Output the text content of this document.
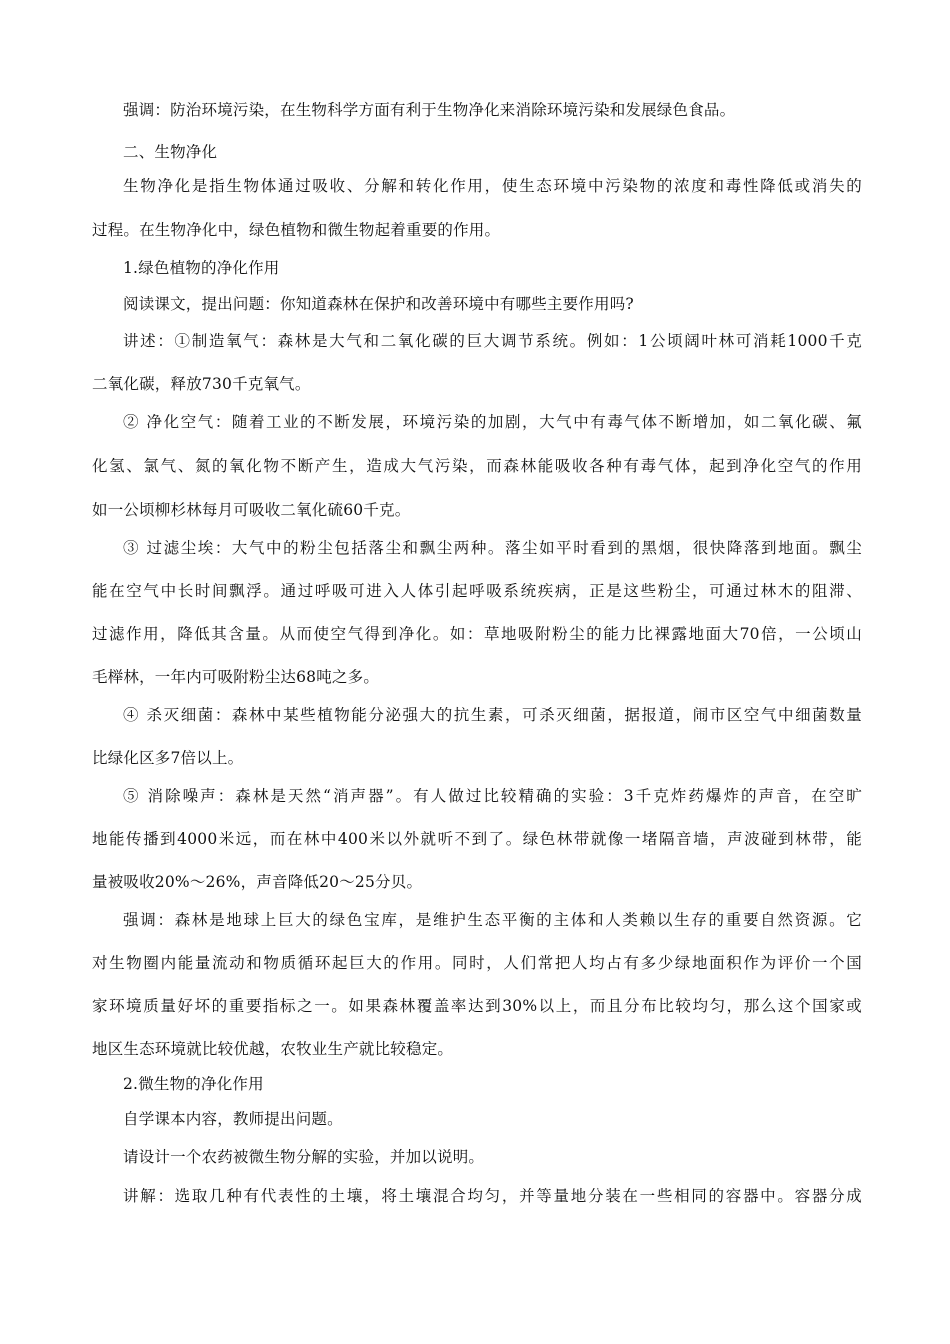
强调：防治环境污染，在生物科学方面有利于生物净化来消除环境污染和发展绿色食品。
二、生物净化
生物净化是指生物体通过吸收、分解和转化作用，使生态环境中污染物的浓度和毒性降低或消失的
过程。在生物净化中，绿色植物和微生物起着重要的作用。
1.绿色植物的净化作用
阅读课文，提出问题：你知道森林在保护和改善环境中有哪些主要作用吗?
讲述：①制造氧气：森林是大气和二氧化碳的巨大调节系统。例如：1公顷阔叶林可消耗1000千克
二氧化碳，释放730千克氧气。
② 净化空气：随着工业的不断发展，环境污染的加剧，大气中有毒气体不断增加，如二氧化碳、氟
化氢、氯气、氮的氧化物不断产生，造成大气污染，而森林能吸收各种有毒气体，起到净化空气的作用
如一公顷柳杉林每月可吸收二氧化硫60千克。
③ 过滤尘埃：大气中的粉尘包括落尘和飘尘两种。落尘如平时看到的黑烟，很快降落到地面。飘尘
能在空气中长时间飘浮。通过呼吸可进入人体引起呼吸系统疾病，正是这些粉尘，可通过林木的阻滞、
过滤作用，降低其含量。从而使空气得到净化。如：草地吸附粉尘的能力比裸露地面大70倍，一公顷山
毛榉林，一年内可吸附粉尘达68吨之多。
④ 杀灭细菌：森林中某些植物能分泌强大的抗生素，可杀灭细菌，据报道，闹市区空气中细菌数量
比绿化区多7倍以上。
⑤ 消除噪声：森林是天然“消声器”。有人做过比较精确的实验：3千克炸药爆炸的声音，在空旷
地能传播到4000米远，而在林中400米以外就听不到了。绿色林带就像一堵隔音墙，声波碰到林带，能
量被吸收20%～26%，声音降低20～25分贝。
强调：森林是地球上巨大的绿色宝库，是维护生态平衡的主体和人类赖以生存的重要自然资源。它
对生物圈内能量流动和物质循环起巨大的作用。同时，人们常把人均占有多少绿地面积作为评价一个国
家环境质量好坏的重要指标之一。如果森林覆盖率达到30%以上，而且分布比较均匀，那么这个国家或
地区生态环境就比较优越，农牧业生产就比较稳定。
2.微生物的净化作用
自学课本内容，教师提出问题。
请设计一个农药被微生物分解的实验，并加以说明。
讲解：选取几种有代表性的土壤，将土壤混合均匀，并等量地分装在一些相同的容器中。容器分成
